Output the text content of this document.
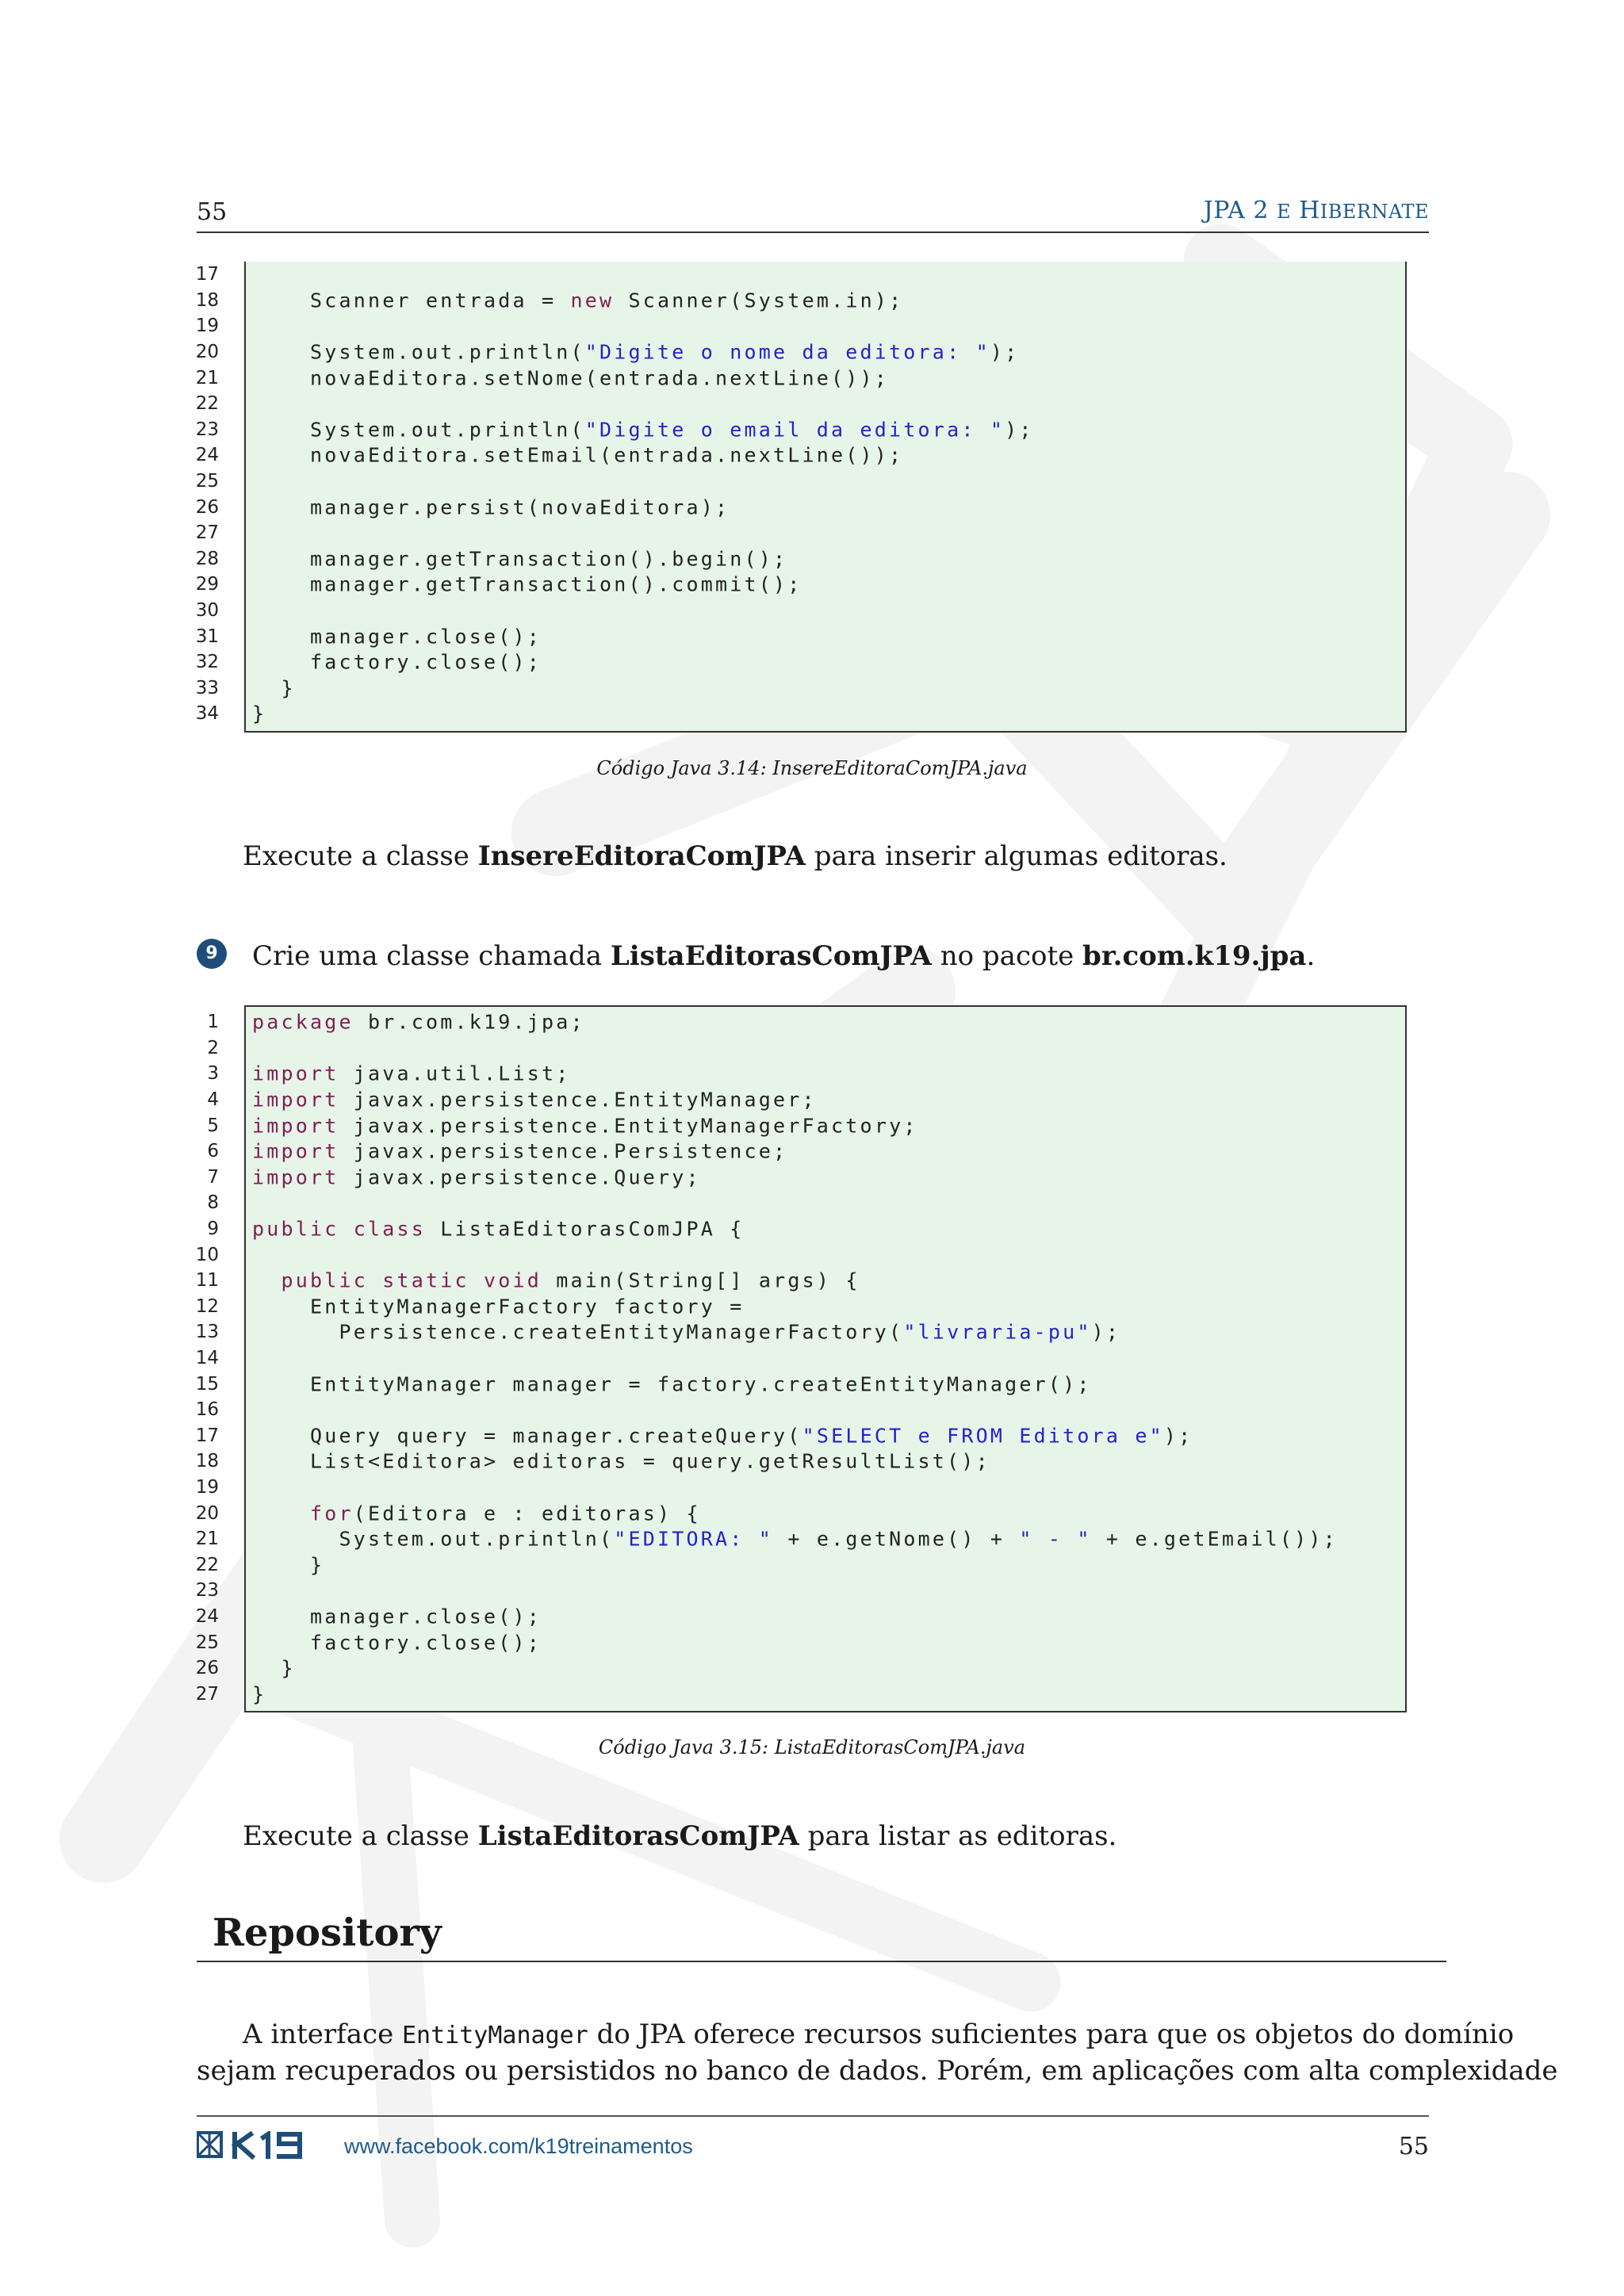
55	JPA 2 E HIBERNATE
17
18 Scanner entrada = new Scanner(System.in);
19
20 System.out.println("Digite o nome da editora: ");
21 novaEditora.setNome(entrada.nextLine());
22
23 System.out.println("Digite o email da editora: ");
24 novaEditora.setEmail(entrada.nextLine());
25
26 manager.persist(novaEditora);
27
28 manager.getTransaction().begin();
29 manager.getTransaction().commit();
30
31 manager.close();
32 factory.close();
33 }
34 }
Código Java 3.14: InsereEditoraComJPA.java
Execute a classe InsereEditoraComJPA para inserir algumas editoras.
9	Crie uma classe chamada ListaEditorasComJPA no pacote br.com.k19.jpa.
1 package br.com.k19.jpa;
2
3 import java.util.List;
4 import javax.persistence.EntityManager;
5 import javax.persistence.EntityManagerFactory;
6 import javax.persistence.Persistence;
7 import javax.persistence.Query;
8
9 public class ListaEditorasComJPA {
10
11	public static void main(String[] args) {
12 EntityManagerFactory factory =
13 Persistence.createEntityManagerFactory("livraria-pu");
14
15 EntityManager manager = factory.createEntityManager();
16
17 Query query = manager.createQuery("SELECT e FROM Editora e");
18 List<Editora> editoras = query.getResultList();
19
20	for(Editora e : editoras) {
21 System.out.println("EDITORA: " + e.getNome() + " - " + e.getEmail());
22 }
23
24 manager.close();
25 factory.close();
26 }
27 }
Código Java 3.15: ListaEditorasComJPA.java
Execute a classe ListaEditorasComJPA para listar as editoras.
Repository
A interface EntityManager do JPA oferece recursos suficientes para que os objetos do domínio
sejam recuperados ou persistidos no banco de dados. Porém, em aplicações com alta complexidade
www.facebook.com/k19treinamentos	55
